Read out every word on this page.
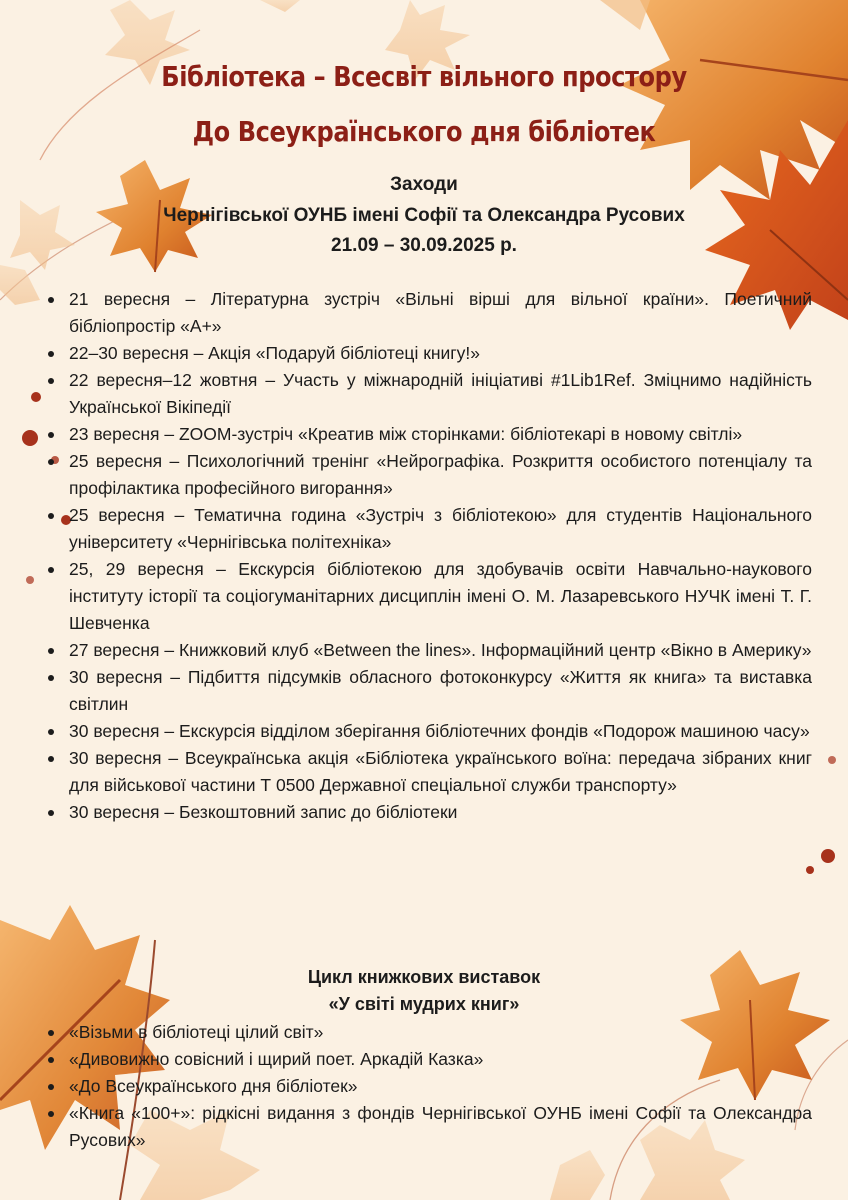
Бібліотека – Всесвіт вільного простору
До Всеукраїнського дня бібліотек
Заходи
Чернігівської ОУНБ імені Софії та Олександра Русових
21.09 – 30.09.2025 р.
21 вересня – Літературна зустріч «Вільні вірші для вільної країни». Поетичний бібліопростір «А+»
22–30 вересня – Акція «Подаруй бібліотеці книгу!»
22 вересня–12 жовтня – Участь у міжнародній ініціативі #1Lib1Ref. Зміцнимо надійність Української Вікіпедії
23 вересня – ZOOM-зустріч «Креатив між сторінками: бібліотекарі в новому світлі»
25 вересня – Психологічний тренінг «Нейрографіка. Розкриття особистого потенціалу та профілактика професійного вигорання»
25 вересня – Тематична година «Зустріч з бібліотекою» для студентів Національного університету «Чернігівська політехніка»
25, 29 вересня – Екскурсія бібліотекою для здобувачів освіти Навчально-наукового інституту історії та соціогуманітарних дисциплін імені О. М. Лазаревського НУЧК імені Т. Г. Шевченка
27 вересня – Книжковий клуб «Between the lines». Інформаційний центр «Вікно в Америку»
30 вересня – Підбиття підсумків обласного фотоконкурсу «Життя як книга» та виставка світлин
30 вересня – Екскурсія відділом зберігання бібліотечних фондів «Подорож машиною часу»
30 вересня – Всеукраїнська акція «Бібліотека українського воїна: передача зібраних книг для військової частини Т 0500 Державної спеціальної служби транспорту»
30 вересня – Безкоштовний запис до бібліотеки
Цикл книжкових виставок
«У світі мудрих книг»
«Візьми в бібліотеці цілий світ»
«Дивовижно совісний і щирий поет. Аркадій Казка»
«До Всеукраїнського дня бібліотек»
«Книга «100+»: рідкісні видання з фондів Чернігівської ОУНБ імені Софії та Олександра Русових»
